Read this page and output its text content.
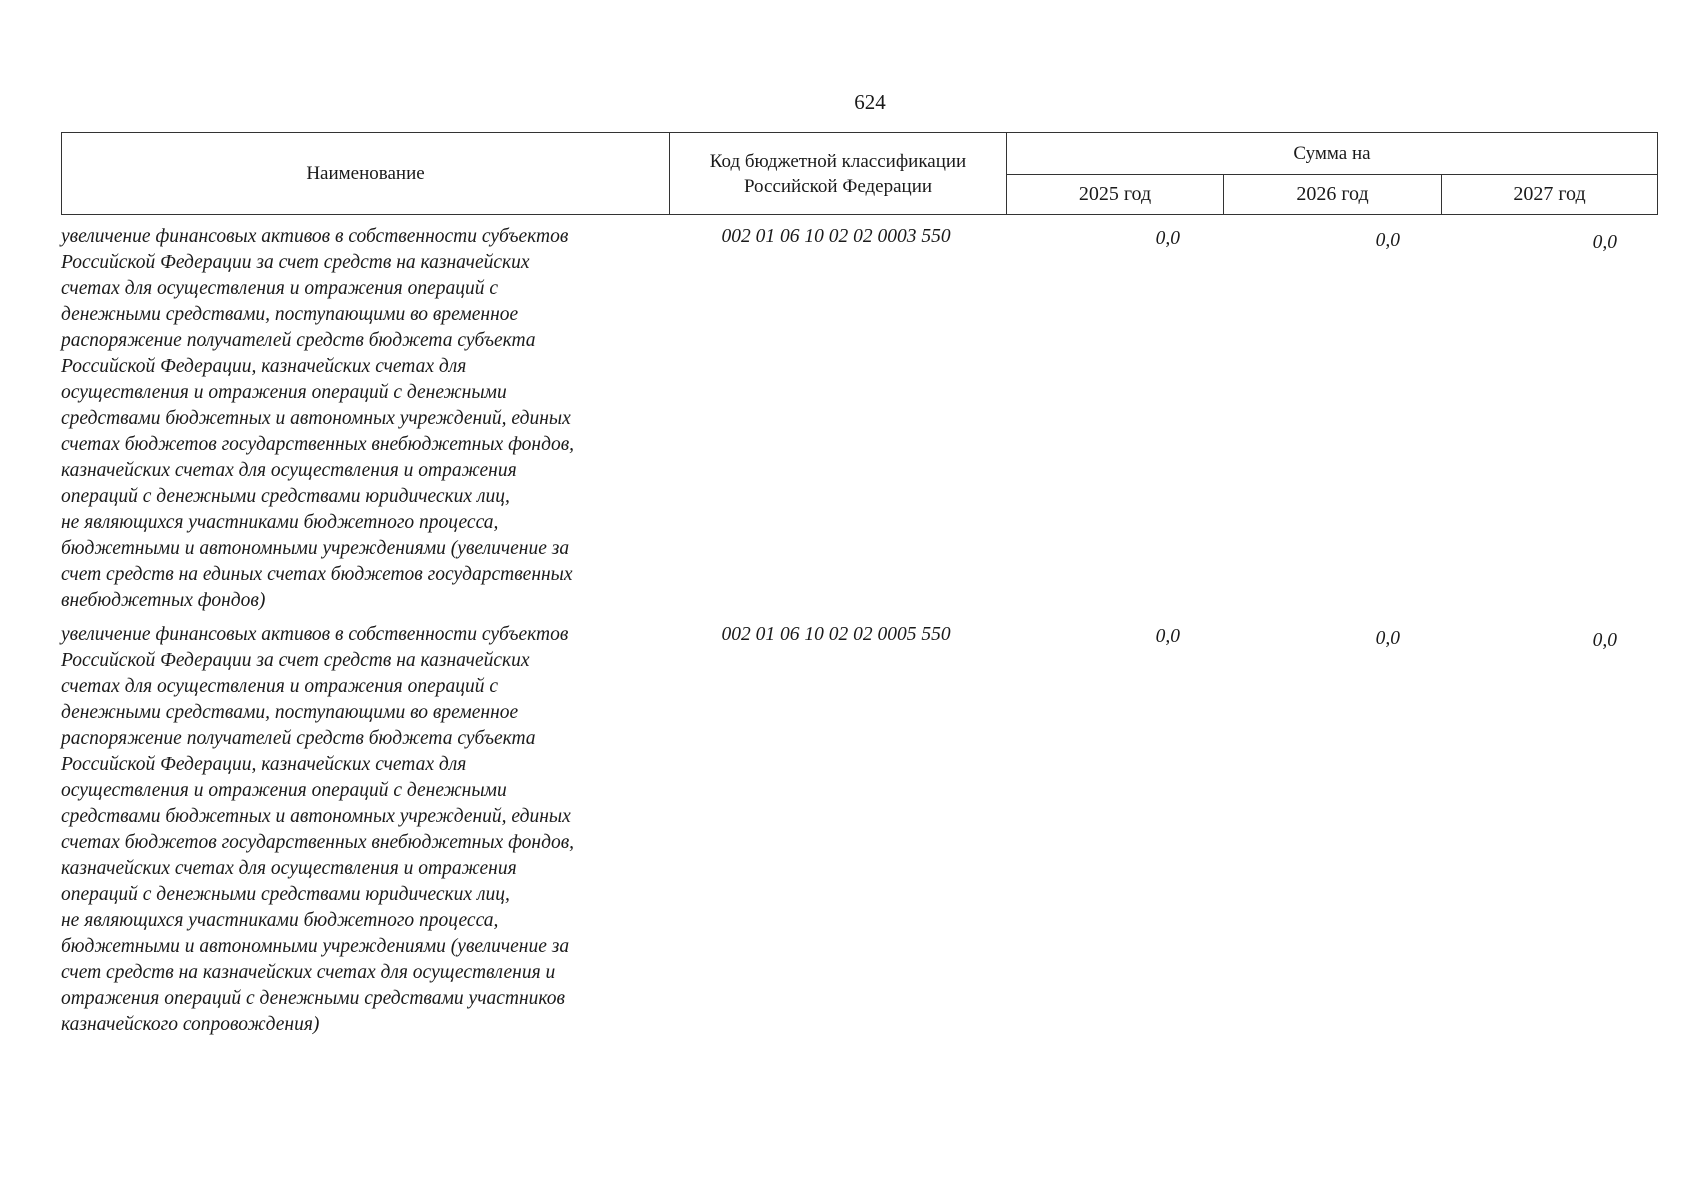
624
Наименование	Код бюджетной классификации Российской Федерации	Сумма на		
		2025 год	2026 год	2027 год
увеличение финансовых активов в собственности субъектов
Российской Федерации за счет средств на казначейских
счетах для осуществления и отражения операций с
денежными средствами, поступающими во временное
распоряжение получателей средств бюджета субъекта
Российской Федерации, казначейских счетах для
осуществления и отражения операций с денежными
средствами бюджетных и автономных учреждений, единых
счетах бюджетов государственных внебюджетных фондов,
казначейских счетах для осуществления и отражения
операций с денежными средствами юридических лиц,
не являющихся участниками бюджетного процесса,
бюджетными и автономными учреждениями (увеличение за
счет средств на единых счетах бюджетов государственных
внебюджетных фондов)
002 01 06 10 02 02 0003 550	0,0	0,0	0,0
увеличение финансовых активов в собственности субъектов
Российской Федерации за счет средств на казначейских
счетах для осуществления и отражения операций с
денежными средствами, поступающими во временное
распоряжение получателей средств бюджета субъекта
Российской Федерации, казначейских счетах для
осуществления и отражения операций с денежными
средствами бюджетных и автономных учреждений, единых
счетах бюджетов государственных внебюджетных фондов,
казначейских счетах для осуществления и отражения
операций с денежными средствами юридических лиц,
не являющихся участниками бюджетного процесса,
бюджетными и автономными учреждениями (увеличение за
счет средств на казначейских счетах для осуществления и
отражения операций с денежными средствами участников
казначейского сопровождения)
002 01 06 10 02 02 0005 550	0,0	0,0	0,0
